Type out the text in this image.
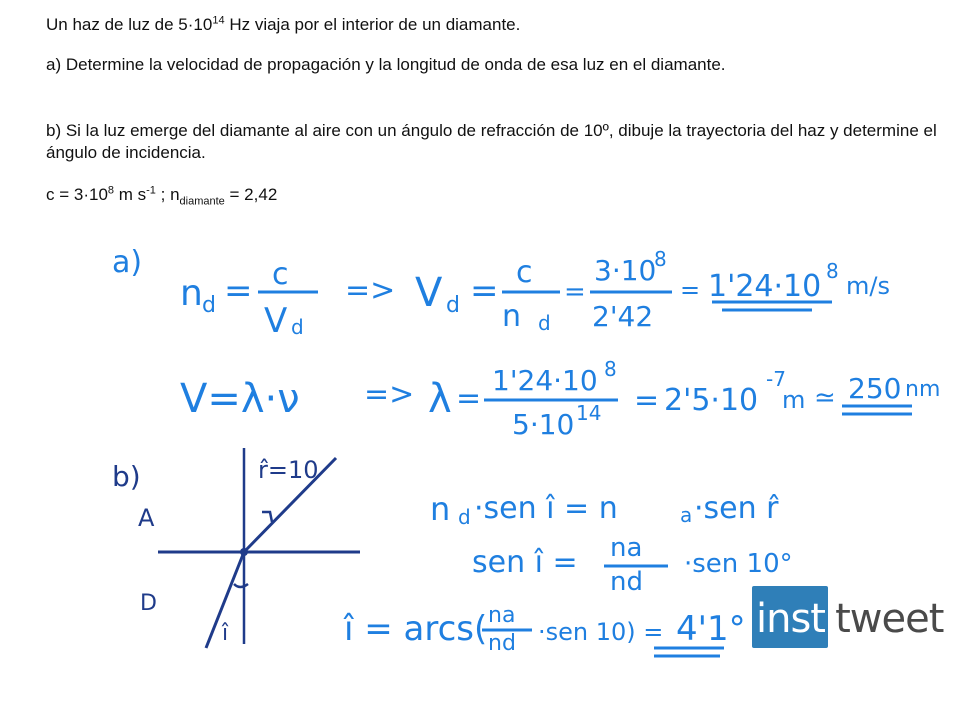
Un haz de luz de $5\cdot 10^{14}$ Hz viaja por el interior de un diamante.

a) Determine la velocidad de propagación y la longitud de onda de esa luz en el diamante.

b) Si la luz emerge del diamante al aire con un ángulo de refracción de 10º, dibuje la trayectoria del haz y determine el ángulo de incidencia.

$c = 3\cdot 10^8$ m $s^{-1}$ ; $n_{diamante} = 2,42$

a)
n d = c
V d
=> V d = c
n d
=
3·10
8
2'42
= 1'24·10 8
m/s
V=λ·ν => λ =
1'24·10 8
5·10 14 = 2'5·10
-7
m ≃ 250 nm
b)
A
D
r̂=10
î
n d ·sen î = n	a ·sen r̂
sen î = na
nd
·sen 10°
î = arcs( na
nd ·sen 10) = 4'1° institweet
